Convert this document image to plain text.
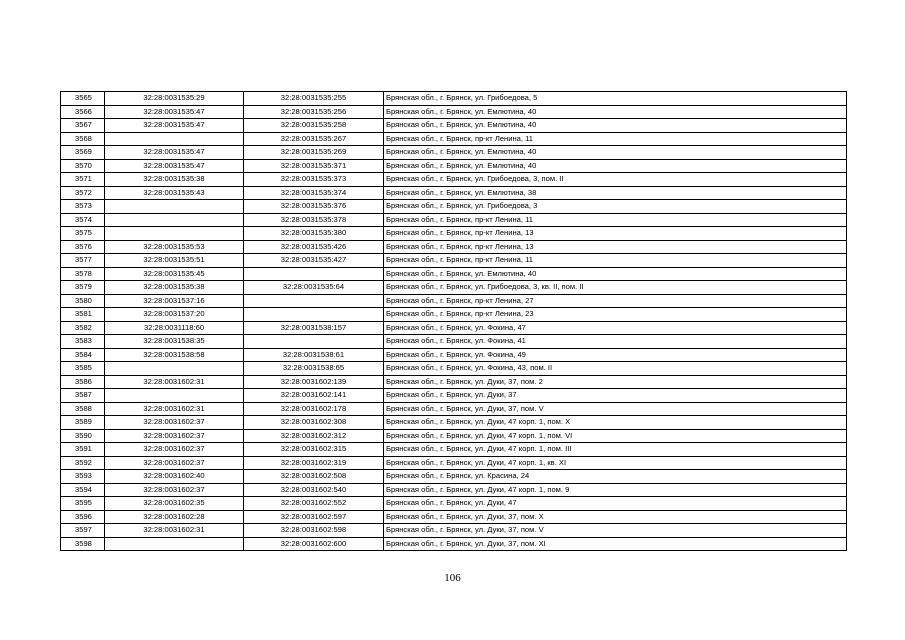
3565	32:28:0031535:29	32:28:0031535:255	Брянская обл., г. Брянск, ул. Грибоедова, 5
3566	32:28:0031535:47	32:28:0031535:256	Брянская обл., г. Брянск, ул. Емлютина, 40
3567	32:28:0031535:47	32:28:0031535:258	Брянская обл., г. Брянск, ул. Емлютина, 40
3568		32:28:0031535:267	Брянская обл., г. Брянск, пр-кт Ленина, 11
3569	32:28:0031535:47	32:28:0031535:269	Брянская обл., г. Брянск, ул. Емлютина, 40
3570	32:28:0031535:47	32:28:0031535:371	Брянская обл., г. Брянск, ул. Емлютина, 40
3571	32:28:0031535:38	32:28:0031535:373	Брянская обл., г. Брянск, ул. Грибоедова, 3, пом. II
3572	32:28:0031535:43	32:28:0031535:374	Брянская обл., г. Брянск, ул. Емлютина, 38
3573		32:28:0031535:376	Брянская обл., г. Брянск, ул. Грибоедова, 3
3574		32:28:0031535:378	Брянская обл., г. Брянск, пр-кт Ленина, 11
3575		32:28:0031535:380	Брянская обл., г. Брянск, пр-кт Ленина, 13
3576	32:28:0031535:53	32:28:0031535:426	Брянская обл., г. Брянск, пр-кт Ленина, 13
3577	32:28:0031535:51	32:28:0031535:427	Брянская обл., г. Брянск, пр-кт Ленина, 11
3578	32:28:0031535:45		Брянская обл., г. Брянск, ул. Емлютина, 40
3579	32:28:0031535:38	32:28:0031535:64	Брянская обл., г. Брянск, ул. Грибоедова, 3, кв. II, пом. II
3580	32:28:0031537:16		Брянская обл., г. Брянск, пр-кт Ленина, 27
3581	32:28:0031537:20		Брянская обл., г. Брянск, пр-кт Ленина, 23
3582	32:28:0031118:60	32:28:0031538:157	Брянская обл., г. Брянск, ул. Фокина, 47
3583	32:28:0031538:35		Брянская обл., г. Брянск, ул. Фокина, 41
3584	32:28:0031538:58	32:28:0031538:61	Брянская обл., г. Брянск, ул. Фокина, 49
3585		32:28:0031538:65	Брянская обл., г. Брянск, ул. Фокина, 43, пом. II
3586	32:28:0031602:31	32:28:0031602:139	Брянская обл., г. Брянск, ул. Дуки, 37, пом. 2
3587		32:28:0031602:141	Брянская обл., г. Брянск, ул. Дуки, 37
3588	32:28:0031602:31	32:28:0031602:178	Брянская обл., г. Брянск, ул. Дуки, 37, пом. V
3589	32:28:0031602:37	32:28:0031602:308	Брянская обл., г. Брянск, ул. Дуки, 47 корп. 1, пом. X
3590	32:28:0031602:37	32:28:0031602:312	Брянская обл., г. Брянск, ул. Дуки, 47 корп. 1, пом. VI
3591	32:28:0031602:37	32:28:0031602:315	Брянская обл., г. Брянск, ул. Дуки, 47 корп. 1, пом. III
3592	32:28:0031602:37	32:28:0031602:319	Брянская обл., г. Брянск, ул. Дуки, 47 корп. 1, кв. XI
3593	32:28:0031602:40	32:28:0031602:508	Брянская обл., г. Брянск, ул. Красина, 24
3594	32:28:0031602:37	32:28:0031602:540	Брянская обл., г. Брянск, ул. Дуки, 47 корп. 1, пом. 9
3595	32:28:0031602:35	32:28:0031602:552	Брянская обл., г. Брянск, ул. Дуки, 47
3596	32:28:0031602:28	32:28:0031602:597	Брянская обл., г. Брянск, ул. Дуки, 37, пом. X
3597	32:28:0031602:31	32:28:0031602:598	Брянская обл., г. Брянск, ул. Дуки, 37, пом. V
3598		32:28:0031602:600	Брянская обл., г. Брянск, ул. Дуки, 37, пом. XI
106
